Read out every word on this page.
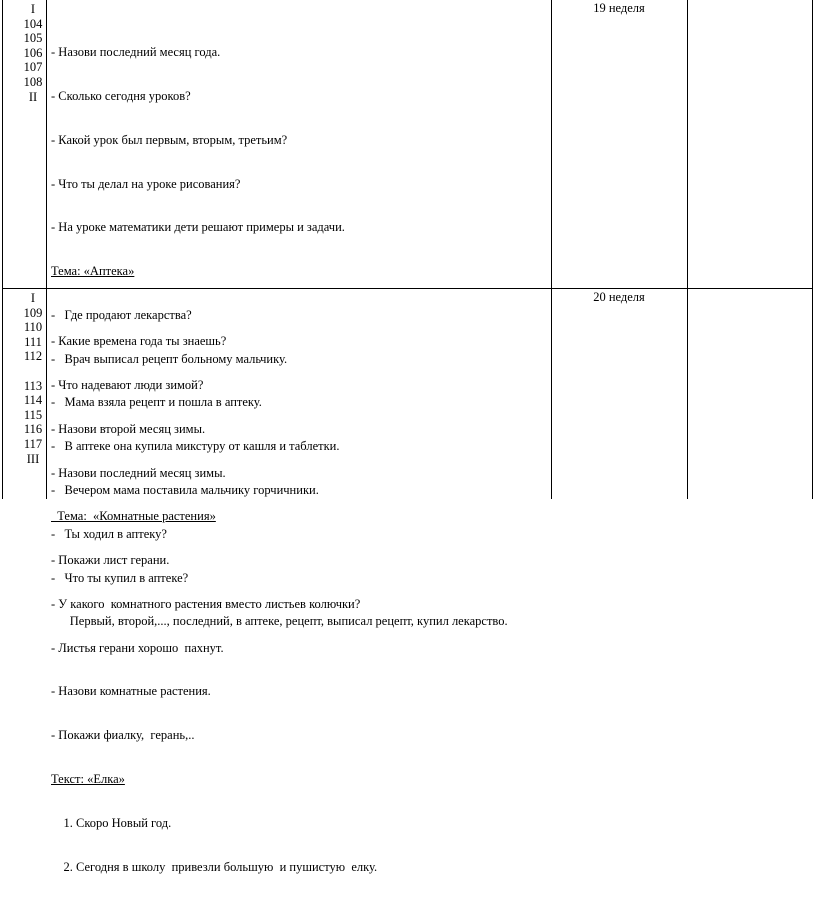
I
104
105
106
107
108
II

- Назови последний месяц года.

- Сколько сегодня уроков?

- Какой урок был первым, вторым, третьим?

- Что ты делал на уроке рисования?

- На уроке математики дети решают примеры и задачи.

Тема: «Аптека»

-   Где продают лекарства?

-   Врач выписал рецепт больному мальчику.

-   Мама взяла рецепт и пошла в аптеку.

-   В аптеке она купила микстуру от кашля и таблетки.

-   Вечером мама поставила мальчику горчичники.

-   Ты ходил в аптеку?

-   Что ты купил в аптеке?

Первый, второй,..., последний, в аптеке, рецепт, выписал рецепт, купил лекарство.

19 неделя
I
109
110
111
112

113
114
115
116
117
III

- Какие времена года ты знаешь?

- Что надевают люди зимой?

- Назови второй месяц зимы.

- Назови последний месяц зимы.

Тема:  «Комнатные растения»

- Покажи лист герани.

- У какого  комнатного растения вместо листьев колючки?

- Листья герани хорошо  пахнут.

- Назови комнатные растения.

- Покажи фиалку,  герань,..

Текст: «Елка»

1. Скоро Новый год.

2. Сегодня в школу  привезли большую  и пушистую  елку.

20 неделя
